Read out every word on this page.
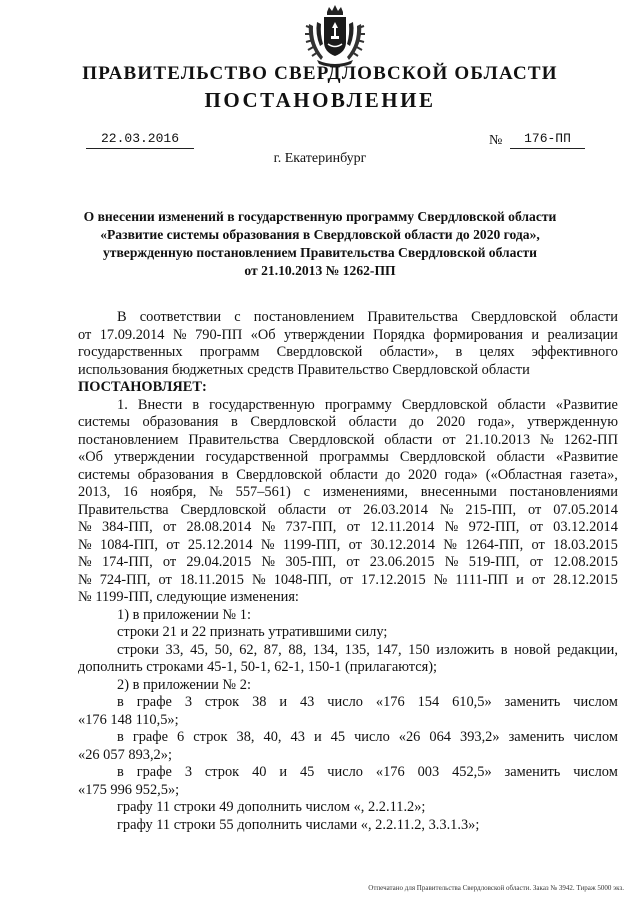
ПРАВИТЕЛЬСТВО СВЕРДЛОВСКОЙ ОБЛАСТИ
ПОСТАНОВЛЕНИЕ
22.03.2016	№	176-ПП
г. Екатеринбург
О внесении изменений в государственную программу Свердловской области
«Развитие системы образования в Свердловской области до 2020 года»,
утвержденную постановлением Правительства Свердловской области
от 21.10.2013 № 1262-ПП
В соответствии с постановлением Правительства Свердловской области
от 17.09.2014 № 790-ПП «Об утверждении Порядка формирования и реализации
государственных программ Свердловской области», в целях эффективного
использования бюджетных средств Правительство Свердловской области
ПОСТАНОВЛЯЕТ:
1. Внести в государственную программу Свердловской области «Развитие
системы образования в Свердловской области до 2020 года», утвержденную
постановлением Правительства Свердловской области от 21.10.2013 № 1262-ПП
«Об утверждении государственной программы Свердловской области «Развитие
системы образования в Свердловской области до 2020 года» («Областная газета»,
2013, 16 ноября, № 557–561) с изменениями, внесенными постановлениями
Правительства Свердловской области от 26.03.2014 № 215-ПП, от 07.05.2014
№ 384-ПП, от 28.08.2014 № 737-ПП, от 12.11.2014 № 972-ПП, от 03.12.2014
№ 1084-ПП, от 25.12.2014 № 1199-ПП, от 30.12.2014 № 1264-ПП, от 18.03.2015
№ 174-ПП, от 29.04.2015 № 305-ПП, от 23.06.2015 № 519-ПП, от 12.08.2015
№ 724-ПП, от 18.11.2015 № 1048-ПП, от 17.12.2015 № 1111-ПП и от 28.12.2015
№ 1199-ПП, следующие изменения:
1) в приложении № 1:
строки 21 и 22 признать утратившими силу;
строки 33, 45, 50, 62, 87, 88, 134, 135, 147, 150 изложить в новой редакции,
дополнить строками 45-1, 50-1, 62-1, 150-1 (прилагаются);
2) в приложении № 2:
в графе 3 строк 38 и 43 число «176 154 610,5» заменить числом
«176 148 110,5»;
в графе 6 строк 38, 40, 43 и 45 число «26 064 393,2» заменить числом
«26 057 893,2»;
в графе 3 строк 40 и 45 число «176 003 452,5» заменить числом
«175 996 952,5»;
графу 11 строки 49 дополнить числом «, 2.2.11.2»;
графу 11 строки 55 дополнить числами «, 2.2.11.2, 3.3.1.3»;
Отпечатано для Правительства Свердловской области. Заказ № 3942. Тираж 5000 экз.
